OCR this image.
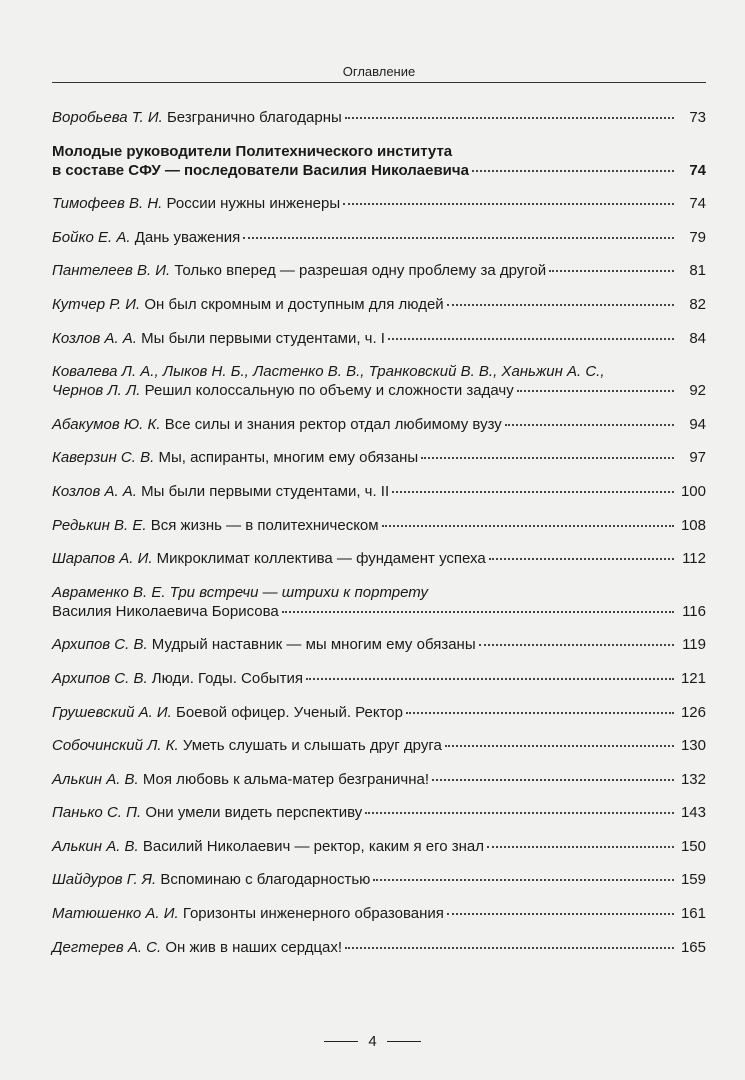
Оглавление
Воробьева Т. И. Безгранично благодарны	73
Молодые руководители Политехнического института
в составе СФУ — последователи Василия Николаевича	74
Тимофеев В. Н. России нужны инженеры	74
Бойко Е. А. Дань уважения	79
Пантелеев В. И. Только вперед — разрешая одну проблему за другой	81
Кутчер Р. И. Он был скромным и доступным для людей	82
Козлов А. А. Мы были первыми студентами, ч. I	84
Ковалева Л. А., Лыков Н. Б., Ластенко В. В., Транковский В. В., Ханьжин А. С.,
Чернов Л. Л. Решил колоссальную по объему и сложности задачу	92
Абакумов Ю. К. Все силы и знания ректор отдал любимому вузу	94
Каверзин С. В. Мы, аспиранты, многим ему обязаны	97
Козлов А. А. Мы были первыми студентами, ч. II	100
Редькин В. Е. Вся жизнь — в политехническом	108
Шарапов А. И. Микроклимат коллектива — фундамент успеха	112
Авраменко В. Е. Три встречи — штрихи к портрету
Василия Николаевича Борисова	116
Архипов С. В. Мудрый наставник — мы многим ему обязаны	119
Архипов С. В. Люди. Годы. События	121
Грушевский А. И. Боевой офицер. Ученый. Ректор	126
Собочинский Л. К. Уметь слушать и слышать друг друга	130
Алькин А. В. Моя любовь к альма-матер безгранична!	132
Панько С. П. Они умели видеть перспективу	143
Алькин А. В. Василий Николаевич — ректор, каким я его знал	150
Шайдуров Г. Я. Вспоминаю с благодарностью	159
Матюшенко А. И. Горизонты инженерного образования	161
Дегтерев А. С. Он жив в наших сердцах!	165
4
